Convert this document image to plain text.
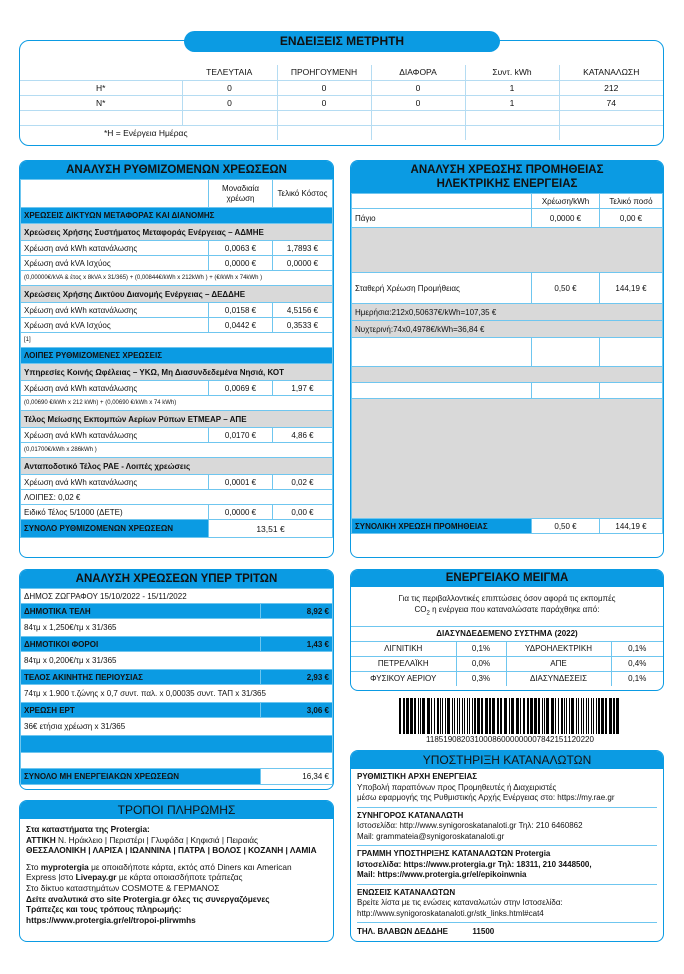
	ΤΕΛΕΥΤΑΙΑ	ΠΡΟΗΓΟΥΜΕΝΗ	ΔΙΑΦΟΡΑ	Συντ. kWh	ΚΑΤΑΝΑΛΩΣΗ
Η*	0	0	0	1	212
Ν*	0	0	0	1	74

*Η = Ενέργεια Ημέρας					
ΕΝΔΕΙΞΕΙΣ ΜΕΤΡΗΤΗ
ΑΝΑΛΥΣΗ ΡΥΘΜΙΖΟΜΕΝΩΝ ΧΡΕΩΣΕΩΝ
	Μοναδιαία χρέωση	Τελικό Κόστος
ΧΡΕΩΣΕΙΣ ΔΙΚΤΥΩΝ ΜΕΤΑΦΟΡΑΣ ΚΑΙ ΔΙΑΝΟΜΗΣ		
Χρεώσεις Χρήσης Συστήματος Μεταφοράς Ενέργειας – ΑΔΜΗΕ		
Χρέωση ανά kWh κατανάλωσης	0,0063 €	1,7893 €
Χρέωση ανά kVA Ισχύος	0,0000 €	0,0000 €
(0,00000€/kVA & έτος x 8kVA x 31/365) + (0,00844€/kWh x 212kWh ) + (€/kWh x 74kWh )		
Χρεώσεις Χρήσης Δικτύου Διανομής Ενέργειας – ΔΕΔΔΗΕ		
Χρέωση ανά kWh κατανάλωσης	0,0158 €	4,5156 €
Χρέωση ανά kVA Ισχύος	0,0442 €	0,3533 €
[1]		
ΛΟΙΠΕΣ ΡΥΘΜΙΖΟΜΕΝΕΣ ΧΡΕΩΣΕΙΣ		
Υπηρεσίες Κοινής Ωφέλειας – ΥΚΩ, Μη Διασυνδεδεμένα Νησιά, ΚΟΤ		
Χρέωση ανά kWh κατανάλωσης	0,0069 €	1,97 €
(0,00690 €/kWh x 212 kWh) + (0,00690 €/kWh x 74 kWh)		
Τέλος Μείωσης Εκπομπών Αερίων Ρύπων ΕΤΜΕΑΡ – ΑΠΕ		
Χρέωση ανά kWh κατανάλωσης	0,0170 €	4,86 €
(0,01700€/kWh x 286kWh )		
Ανταποδοτικό Τέλος ΡΑΕ - Λοιπές χρεώσεις		
Χρέωση ανά kWh κατανάλωσης	0,0001 €	0,02 €
ΛΟΙΠΕΣ: 0,02 €		
Ειδικό Τέλος 5/1000 (ΔΕΤΕ)	0,0000 €	0,00 €
ΣΥΝΟΛΟ ΡΥΘΜΙΖΟΜΕΝΩΝ ΧΡΕΩΣΕΩΝ	13,51 €	
ΑΝΑΛΥΣΗ ΧΡΕΩΣΗΣ ΠΡΟΜΗΘΕΙΑΣ
ΗΛΕΚΤΡΙΚΗΣ ΕΝΕΡΓΕΙΑΣ
	Χρέωση/kWh	Τελικό ποσό
Πάγιο	0,0000 €	0,00 €

Σταθερή Χρέωση Προμήθειας	0,50 €	144,19 €
Ημερήσια:212x0,50637€/kWh=107,35 €		
Νυχτερινή:74x0,4978€/kWh=36,84 €		

ΣΥΝΟΛΙΚΗ ΧΡΕΩΣΗ ΠΡΟΜΗΘΕΙΑΣ	0,50 €	144,19 €
ΑΝΑΛΥΣΗ ΧΡΕΩΣΕΩΝ ΥΠΕΡ ΤΡΙΤΩΝ
ΔΗΜΟΣ ΖΩΓΡΑΦΟΥ 15/10/2022 - 15/11/2022	
ΔΗΜΟΤΙΚΑ ΤΕΛΗ	8,92 €
84τμ x 1,250€/τμ x 31/365	
ΔΗΜΟΤΙΚΟΙ ΦΟΡΟΙ	1,43 €
84τμ x 0,200€/τμ x 31/365	
ΤΕΛΟΣ ΑΚΙΝΗΤΗΣ ΠΕΡΙΟΥΣΙΑΣ	2,93 €
74τμ x 1.900 τ.ζώνης x 0,7 συντ. παλ. x 0,00035 συντ. ΤΑΠ x 31/365	
ΧΡΕΩΣΗ ΕΡΤ	3,06 €
36€ ετήσια χρέωση x 31/365	

ΣΥΝΟΛΟ ΜΗ ΕΝΕΡΓΕΙΑΚΩΝ ΧΡΕΩΣΕΩΝ	16,34 €
ΤΡΟΠΟΙ ΠΛΗΡΩΜΗΣ
Στα καταστήματα της Protergia:
ΑΤΤΙΚΗ Ν. Ηράκλειο | Περιστέρι | Γλυφάδα | Κηφισιά | Πειραιάς
ΘΕΣΣΑΛΟΝΙΚΗ | ΛΑΡΙΣΑ | ΙΩΑΝΝΙΝΑ | ΠΑΤΡΑ | ΒΟΛΟΣ | ΚΟΖΑΝΗ | ΛΑΜΙΑ
Στο myprotergia με οποιαδήποτε κάρτα, εκτός από Diners και American
Express |στο Livepay.gr με κάρτα οποιασδήποτε τράπεζας
Στο δίκτυο καταστημάτων COSMOTE & ΓΕΡΜΑΝΟΣ
Δείτε αναλυτικά στο site Protergia.gr όλες τις συνεργαζόμενες
Τράπεζες και τους τρόπους πληρωμής:
https://www.protergia.gr/el/tropoi-plirwmhs
ΕΝΕΡΓΕΙΑΚΟ ΜΕΙΓΜΑ
Για τις περιβαλλοντικές επιπτώσεις όσον αφορά τις εκπομπές
$CO_2$ η ενέργεια που καταναλώσατε παράχθηκε από:
ΔΙΑΣΥΝΔΕΔΕΜΕΝΟ ΣΥΣΤΗΜΑ (2022)			
ΛΙΓΝΙΤΙΚΗ	0,1%	ΥΔΡΟΗΛΕΚΤΡΙΚΗ	0,1%
ΠΕΤΡΕΛΑΪΚΗ	0,0%	ΑΠΕ	0,4%
ΦΥΣΙΚΟΥ ΑΕΡΙΟΥ	0,3%	ΔΙΑΣΥΝΔΕΣΕΙΣ	0,1%
11851908203100086000000007842151120220
ΥΠΟΣΤΗΡΙΞΗ ΚΑΤΑΝΑΛΩΤΩΝ
ΡΥΘΜΙΣΤΙΚΗ ΑΡΧΗ ΕΝΕΡΓΕΙΑΣ
Υποβολή παραπόνων προς Προμηθευτές ή Διαχειριστές
μέσω εφαρμογής της Ρυθμιστικής Αρχής Ενέργειας στο: https://my.rae.gr
ΣΥΝΗΓΟΡΟΣ ΚΑΤΑΝΑΛΩΤΗ
Ιστοσελίδα: http://www.synigoroskatanaloti.gr Τηλ: 210 6460862
Mail: grammateia@synigoroskatanaloti.gr
ΓΡΑΜΜΗ ΥΠΟΣΤΗΡΙΞΗΣ ΚΑΤΑΝΑΛΩΤΩΝ Protergia
Ιστοσελίδα: https://www.protergia.gr Τηλ: 18311, 210 3448500,
Mail: https://www.protergia.gr/el/epikoinwnia
ΕΝΩΣΕΙΣ ΚΑΤΑΝΑΛΩΤΩΝ
Βρείτε λίστα με τις ενώσεις καταναλωτών στην Ιστοσελίδα:
http://www.synigoroskatanaloti.gr/stk_links.html#cat4
ΤΗΛ. ΒΛΑΒΩΝ ΔΕΔΔΗΕ	11500
